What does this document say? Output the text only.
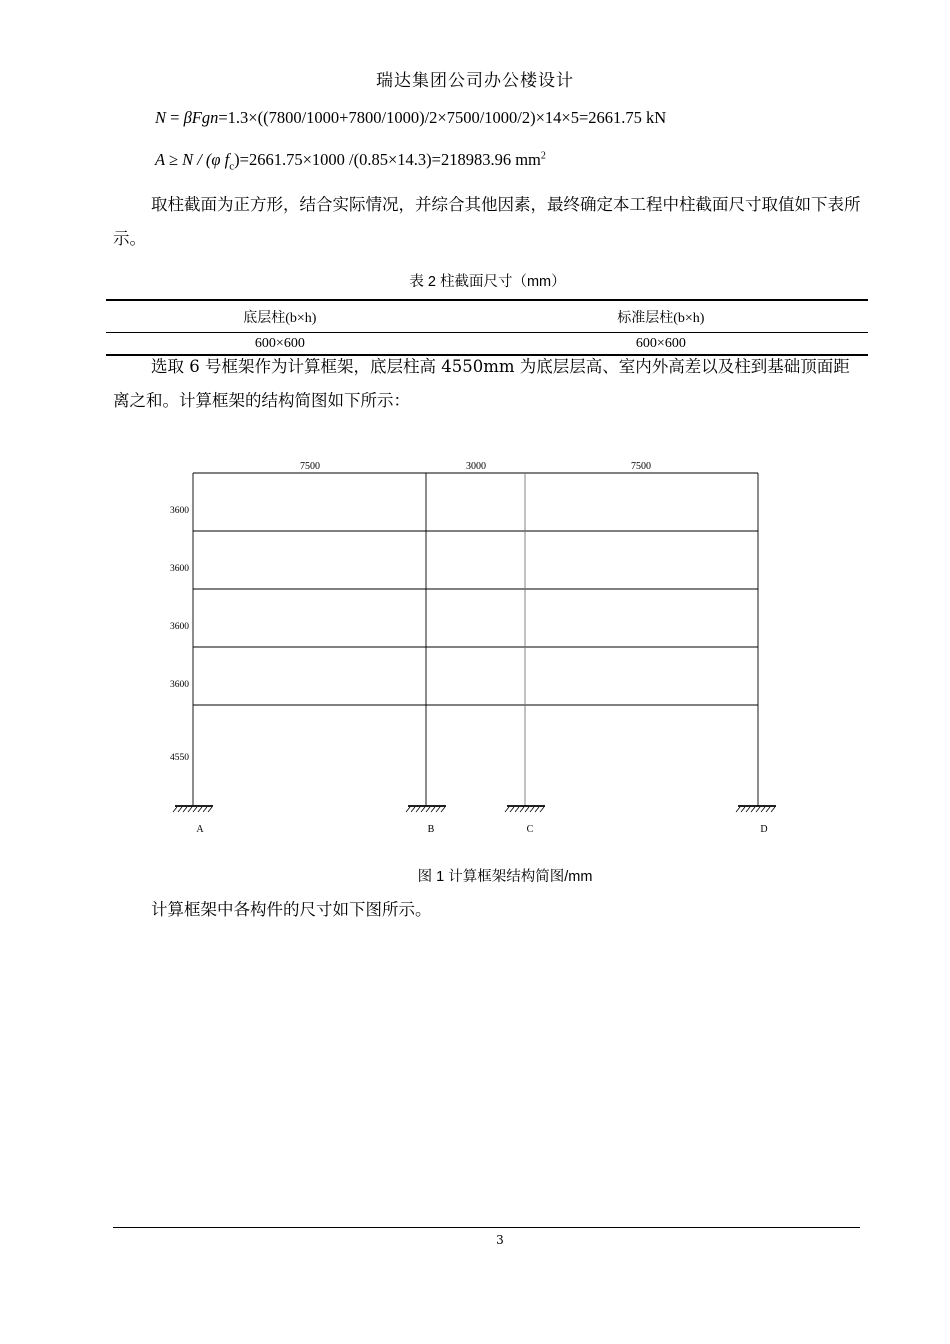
瑞达集团公司办公楼设计
N = βFgn=1.3×((7800/1000+7800/1000)/2×7500/1000/2)×14×5=2661.75 kN
A ≥ N / (φ $f_c)=2661.75\times 1000$ /(0.85×14.3)=218983.96 $mm^2$
取柱截面为正方形，结合实际情况，并综合其他因素，最终确定本工程中柱截面尺寸取值如下表所示。
表 2 柱截面尺寸（mm）
底层柱(b×h)	标准层柱(b×h)
600×600	600×600
选取 6 号框架作为计算框架，底层柱高 4550mm 为底层层高、室内外高差以及柱到基础顶面距离之和。计算框架的结构简图如下所示：
7500	3000	7500
3600
3600
3600
3600
4550
A	B	C	D
图 1 计算框架结构简图/mm
计算框架中各构件的尺寸如下图所示。
3
